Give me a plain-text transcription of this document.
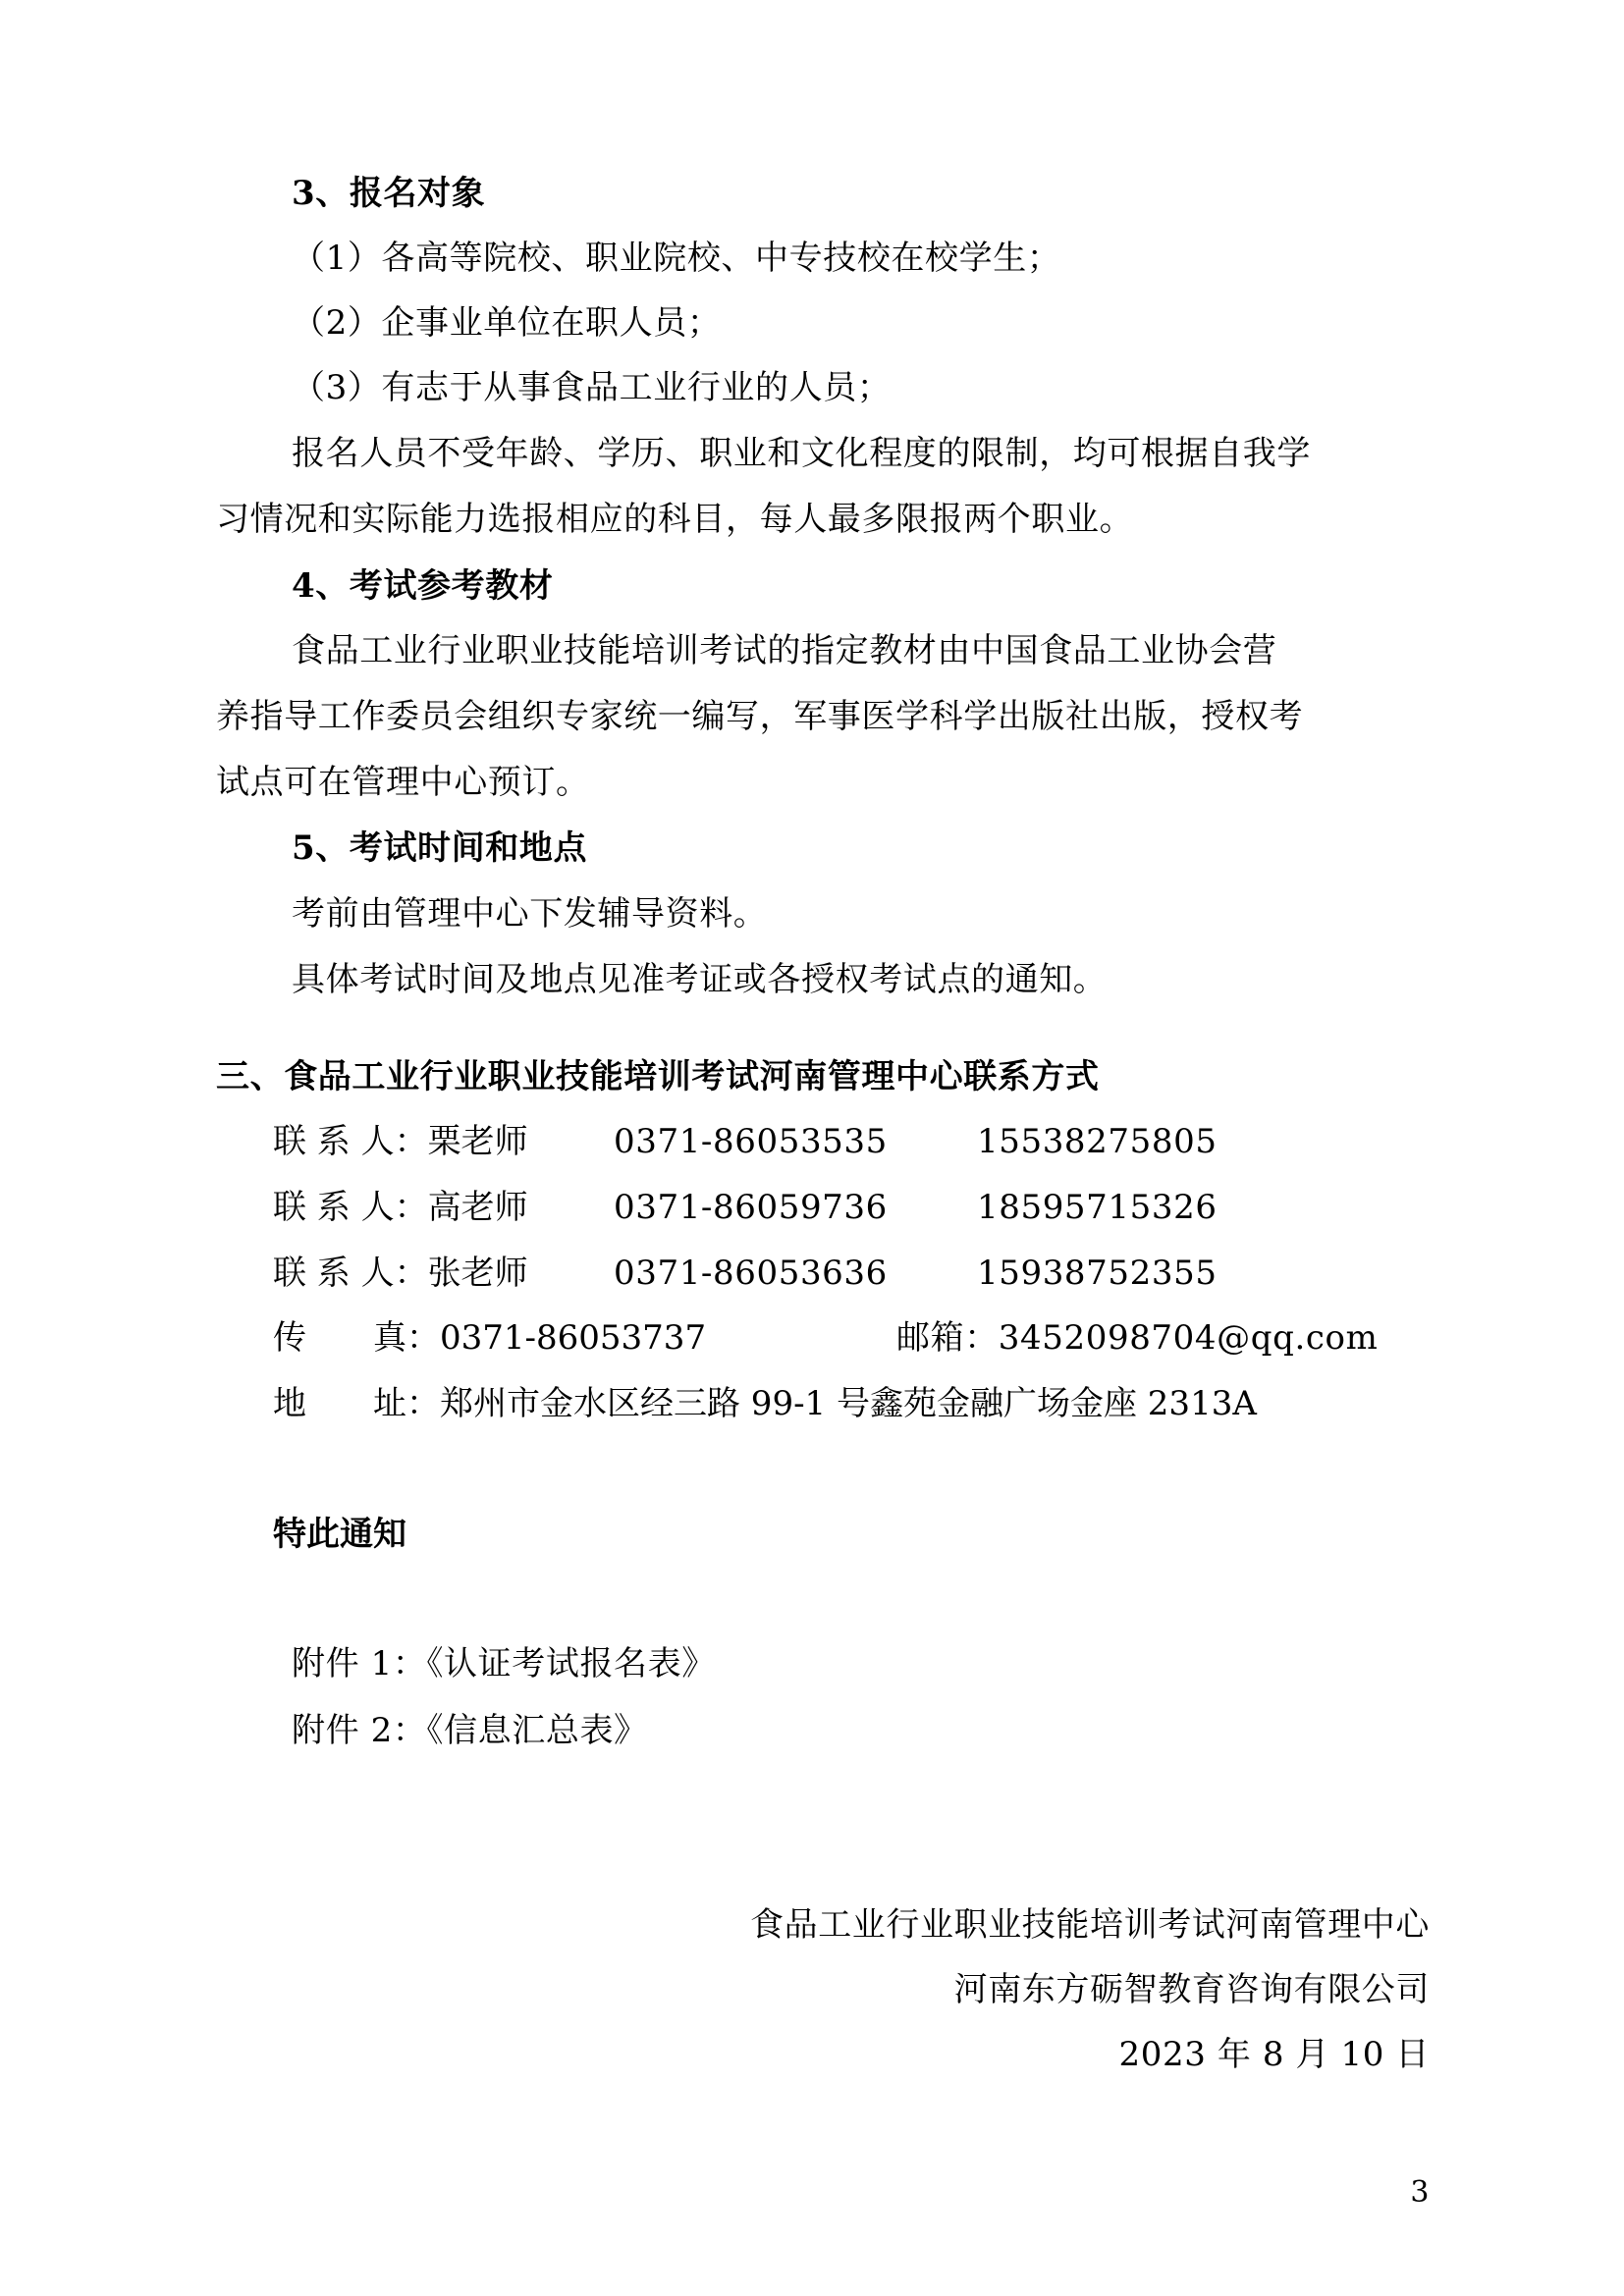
3、报名对象
（1）各高等院校、职业院校、中专技校在校学生；
（2）企事业单位在职人员；
（3）有志于从事食品工业行业的人员；
报名人员不受年龄、学历、职业和文化程度的限制，均可根据自我学
习情况和实际能力选报相应的科目，每人最多限报两个职业。
4、考试参考教材
食品工业行业职业技能培训考试的指定教材由中国食品工业协会营
养指导工作委员会组织专家统一编写，军事医学科学出版社出版，授权考
试点可在管理中心预订。
5、考试时间和地点
考前由管理中心下发辅导资料。
具体考试时间及地点见准考证或各授权考试点的通知。
三、食品工业行业职业技能培训考试河南管理中心联系方式
联 系 人：栗老师	0371-86053535	15538275805
联 系 人：高老师	0371-86059736	18595715326
联 系 人：张老师	0371-86053636	15938752355
传　　真：0371-86053737	邮箱：3452098704@qq.com
地　　址：郑州市金水区经三路 99-1 号鑫苑金融广场金座 2313A
特此通知
附件 1：《认证考试报名表》
附件 2：《信息汇总表》
食品工业行业职业技能培训考试河南管理中心
河南东方砺智教育咨询有限公司
2023 年 8 月 10 日
3
